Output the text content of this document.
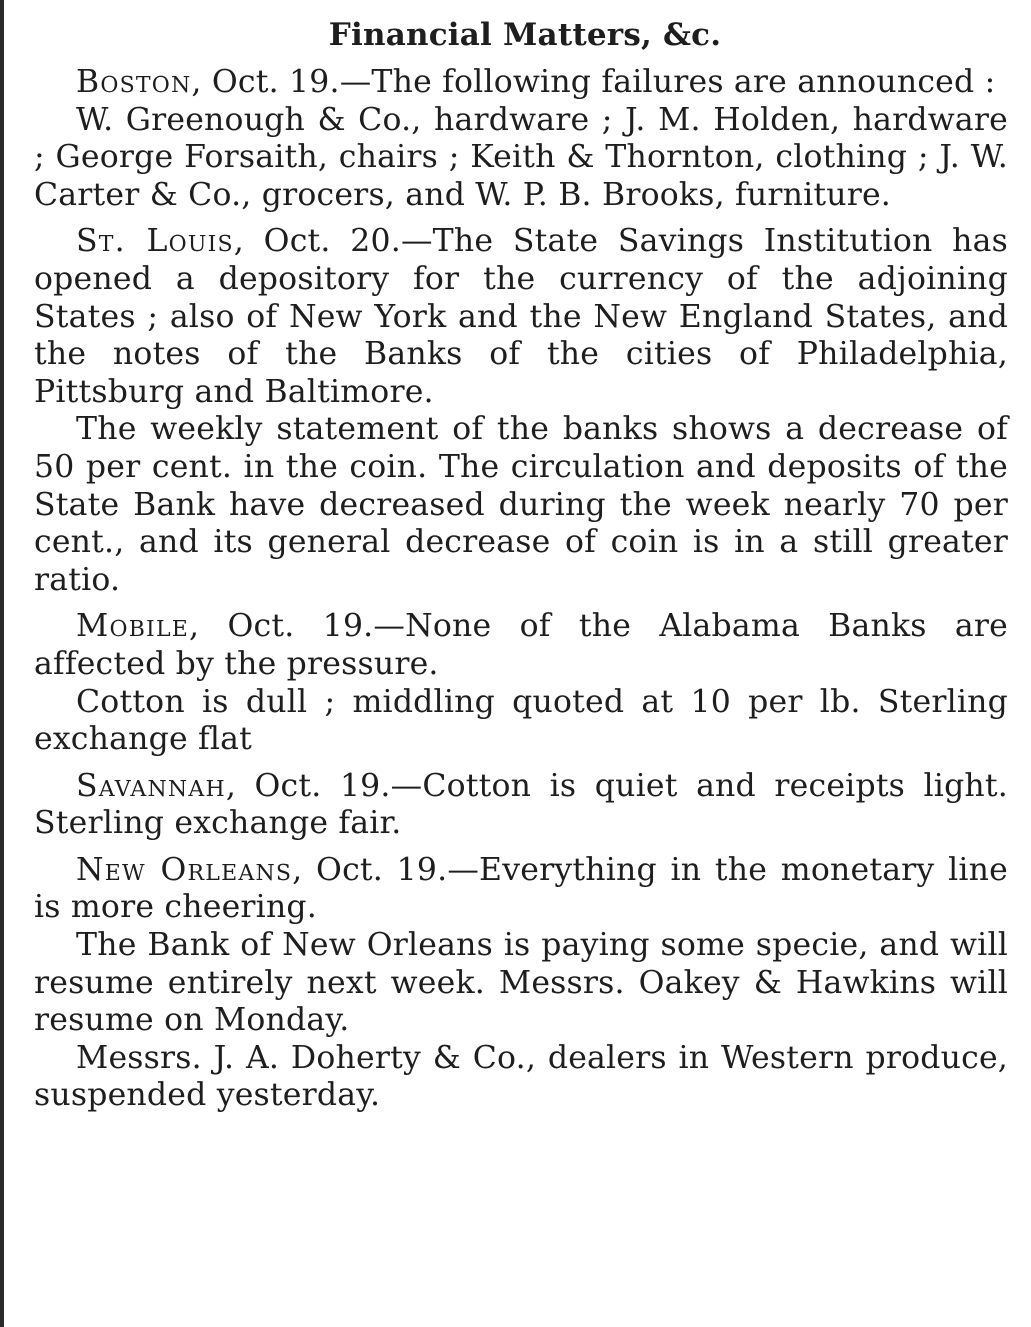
Financial Matters, &c.

Boston, Oct. 19.—The following failures are announced :

W. Greenough & Co., hardware ; J. M. Holden, hardware ; George Forsaith, chairs ; Keith & Thornton, clothing ; J. W. Carter & Co., grocers, and W. P. B. Brooks, furniture.

St. Louis, Oct. 20.—The State Savings Institution has opened a depository for the currency of the adjoining States ; also of New York and the New England States, and the notes of the Banks of the cities of Philadelphia, Pittsburg and Baltimore.

The weekly statement of the banks shows a decrease of 50 per cent. in the coin. The circulation and deposits of the State Bank have decreased during the week nearly 70 per cent., and its general decrease of coin is in a still greater ratio.

Mobile, Oct. 19.—None of the Alabama Banks are affected by the pressure.

Cotton is dull ; middling quoted at 10 per lb. Sterling exchange flat

Savannah, Oct. 19.—Cotton is quiet and receipts light. Sterling exchange fair.

New Orleans, Oct. 19.—Everything in the monetary line is more cheering.

The Bank of New Orleans is paying some specie, and will resume entirely next week. Messrs. Oakey & Hawkins will resume on Monday.

Messrs. J. A. Doherty & Co., dealers in Western produce, suspended yesterday.
